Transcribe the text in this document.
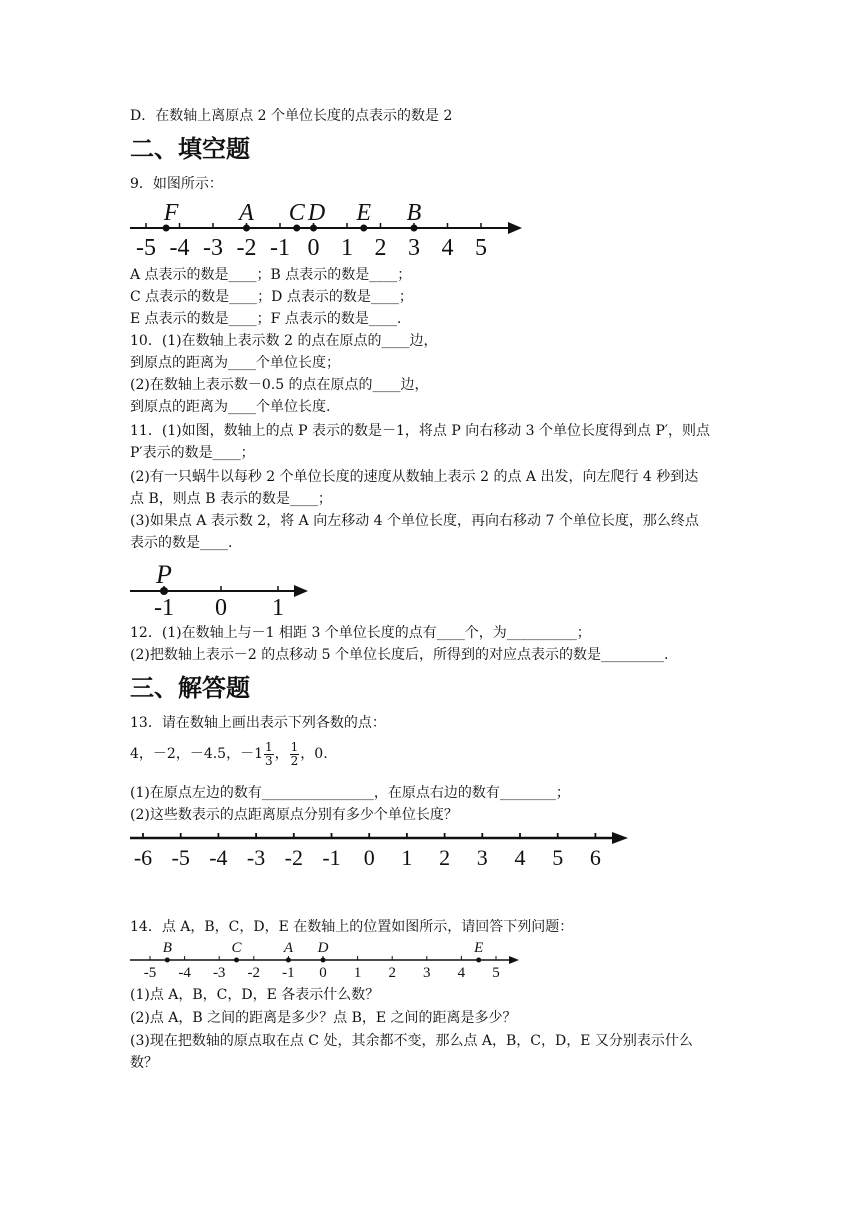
D．在数轴上离原点 2 个单位长度的点表示的数是 2
二、填空题
9．如图所示：
-5 -4 -3 -2 -1 0 1 2 3 4 5
F	A C D E B
-1 0 1
P
-6 -5 -4 -3 -2 -1 0 1 2 3 4 5 6
-5 -4 -3 -2 -1 0 1 2 3 4 5
B	C	A D	E
A 点表示的数是____；B 点表示的数是____；
C 点表示的数是____；D 点表示的数是____；
E 点表示的数是____；F 点表示的数是____.
10．(1)在数轴上表示数 2 的点在原点的____边，
到原点的距离为____个单位长度；
(2)在数轴上表示数－0.5 的点在原点的____边，
到原点的距离为____个单位长度.
11．(1)如图，数轴上的点 P 表示的数是－1，将点 P 向右移动 3 个单位长度得到点 P′，则点
P′表示的数是____；
(2)有一只蜗牛以每秒 2 个单位长度的速度从数轴上表示 2 的点 A 出发，向左爬行 4 秒到达
点 B，则点 B 表示的数是____；
(3)如果点 A 表示数 2，将 A 向左移动 4 个单位长度，再向右移动 7 个单位长度，那么终点
表示的数是____.
12．(1)在数轴上与－1 相距 3 个单位长度的点有____个，为__________；
(2)把数轴上表示－2 的点移动 5 个单位长度后，所得到的对应点表示的数是_________.
三、解答题
13．请在数轴上画出表示下列各数的点：
4，－2，－4.5，$-1 \frac{1}{3}$ ， $\frac{1}{2}$ ，0.
(1)在原点左边的数有________________，在原点右边的数有________；
(2)这些数表示的点距离原点分别有多少个单位长度？
14．点 A，B，C，D，E 在数轴上的位置如图所示，请回答下列问题：
(1)点 A，B，C，D，E 各表示什么数？
(2)点 A，B 之间的距离是多少？点 B，E 之间的距离是多少？
(3)现在把数轴的原点取在点 C 处，其余都不变，那么点 A，B，C，D，E 又分别表示什么
数？
